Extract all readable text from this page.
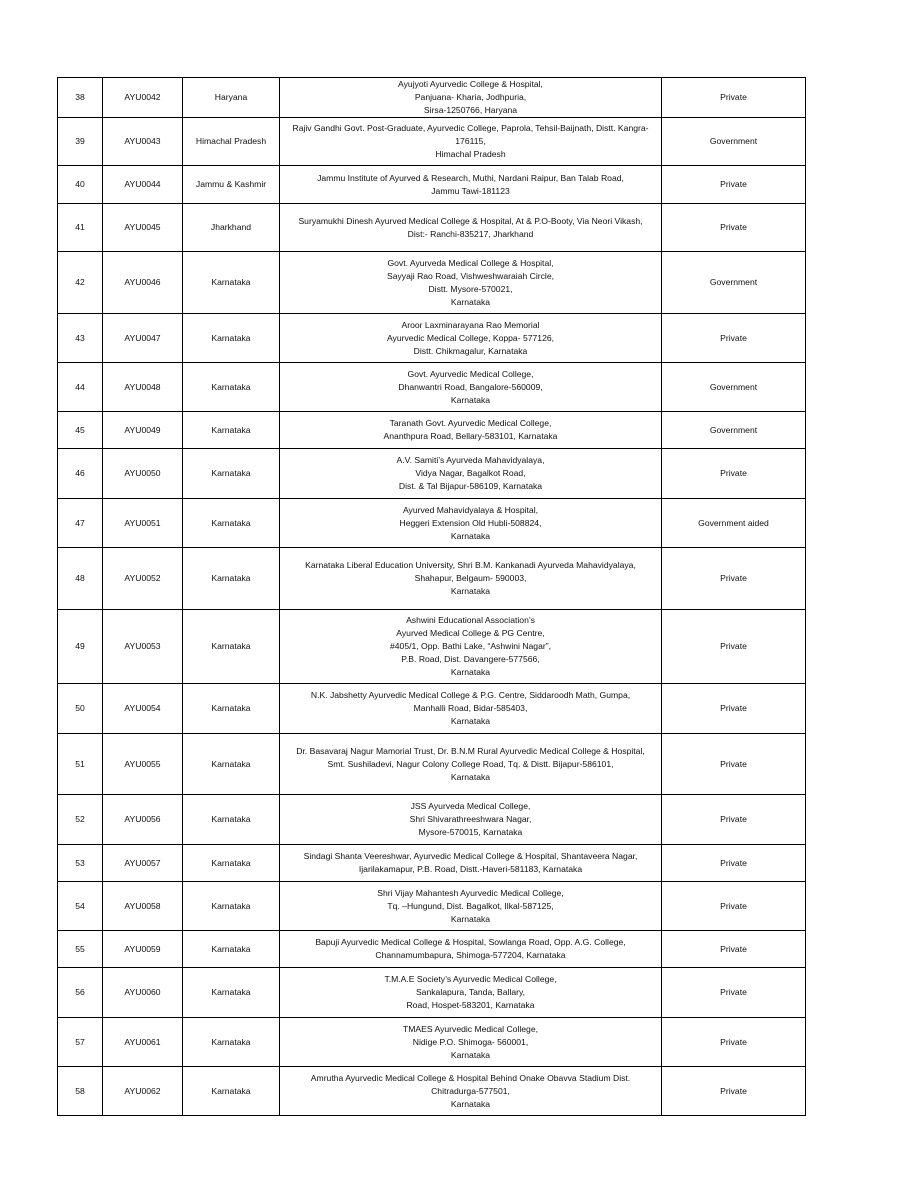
38	AYU0042	Haryana	Ayujyoti Ayurvedic College & Hospital,
Panjuana- Kharia, Jodhpuria,
Sirsa-1250766, Haryana	Private
39	AYU0043	Himachal Pradesh	Rajiv Gandhi Govt. Post-Graduate, Ayurvedic College, Paprola, Tehsil-Baijnath, Distt. Kangra-176115,
Himachal Pradesh	Government
40	AYU0044	Jammu & Kashmir	Jammu Institute of Ayurved & Research, Muthi, Nardani Raipur, Ban Talab Road,
Jammu Tawi-181123	Private
41	AYU0045	Jharkhand	Suryamukhi Dinesh Ayurved Medical College & Hospital, At & P.O-Booty, Via Neori Vikash,
Dist:- Ranchi-835217, Jharkhand	Private
42	AYU0046	Karnataka	Govt. Ayurveda Medical College & Hospital,
Sayyaji Rao Road, Vishweshwaraiah Circle,
Distt. Mysore-570021,
Karnataka	Government
43	AYU0047	Karnataka	Aroor Laxminarayana Rao Memorial
Ayurvedic Medical College, Koppa- 577126,
Distt. Chikmagalur, Karnataka	Private
44	AYU0048	Karnataka	Govt. Ayurvedic Medical College,
Dhanwantri Road, Bangalore-560009,
Karnataka	Government
45	AYU0049	Karnataka	Taranath Govt. Ayurvedic Medical College,
Ananthpura Road, Bellary-583101, Karnataka	Government
46	AYU0050	Karnataka	A.V. Samiti’s Ayurveda Mahavidyalaya,
Vidya Nagar, Bagalkot Road,
Dist. & Tal Bijapur-586109, Karnataka	Private
47	AYU0051	Karnataka	Ayurved Mahavidyalaya & Hospital,
Heggeri Extension Old Hubli-508824,
Karnataka	Government aided
48	AYU0052	Karnataka	Karnataka Liberal Education University, Shri B.M. Kankanadi Ayurveda Mahavidyalaya,
Shahapur, Belgaum- 590003,
Karnataka	Private
49	AYU0053	Karnataka	Ashwini Educational Association’s
Ayurved Medical College & PG Centre,
#405/1, Opp. Bathi Lake, “Ashwini Nagar”,
P.B. Road, Dist. Davangere-577566,
Karnataka	Private
50	AYU0054	Karnataka	N.K. Jabshetty Ayurvedic Medical College & P.G. Centre, Siddaroodh Math, Gumpa,
Manhalli Road, Bidar-585403,
Karnataka	Private
51	AYU0055	Karnataka	Dr. Basavaraj Nagur Mamorial Trust, Dr. B.N.M Rural Ayurvedic Medical College & Hospital,
Smt. Sushiladevi, Nagur Colony College Road, Tq. & Distt. Bijapur-586101,
Karnataka	Private
52	AYU0056	Karnataka	JSS Ayurveda Medical College,
Shri Shivarathreeshwara Nagar,
Mysore-570015, Karnataka	Private
53	AYU0057	Karnataka	Sindagi Shanta Veereshwar, Ayurvedic Medical College & Hospital, Shantaveera Nagar,
Ijarilakamapur, P.B. Road, Distt.-Haveri-581183, Karnataka	Private
54	AYU0058	Karnataka	Shri Vijay Mahantesh Ayurvedic Medical College,
Tq. –Hungund, Dist. Bagalkot, Ilkal-587125,
Karnataka	Private
55	AYU0059	Karnataka	Bapuji Ayurvedic Medical College & Hospital, Sowlanga Road, Opp. A.G. College,
Channamumbapura, Shimoga-577204, Karnataka	Private
56	AYU0060	Karnataka	T.M.A.E Society’s Ayurvedic Medical College,
Sankalapura, Tanda, Ballary,
Road, Hospet-583201, Karnataka	Private
57	AYU0061	Karnataka	TMAES Ayurvedic Medical College,
Nidige P.O. Shimoga- 560001,
Karnataka	Private
58	AYU0062	Karnataka	Amrutha Ayurvedic Medical College & Hospital Behind Onake Obavva Stadium Dist.
Chitradurga-577501,
Karnataka	Private
